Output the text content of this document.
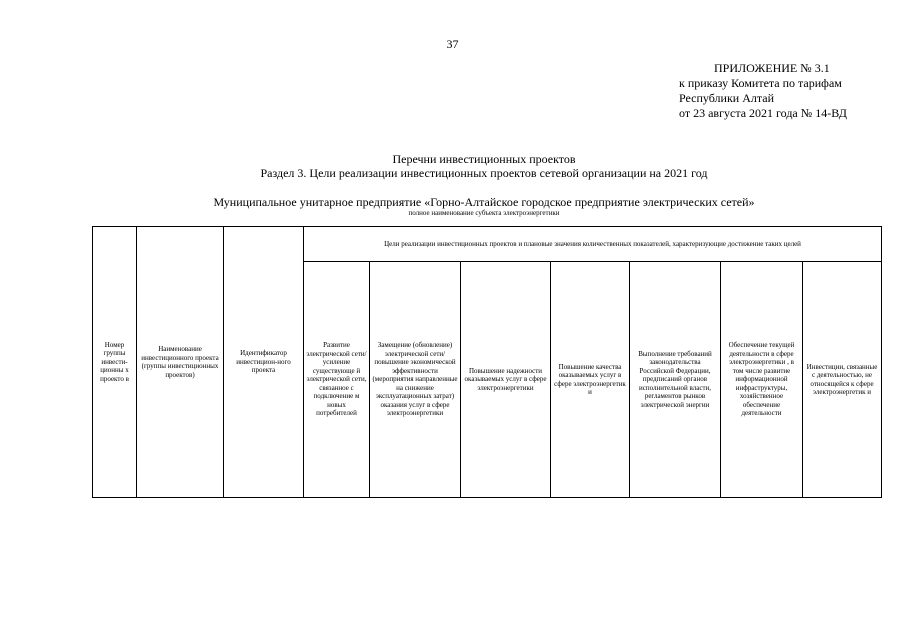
37
ПРИЛОЖЕНИЕ № 3.1
к приказу Комитета по тарифам
Республики Алтай
от 23 августа 2021 года № 14-ВД
Перечни инвестиционных проектов
Раздел 3. Цели реализации инвестиционных проектов сетевой организации на 2021 год
Муниципальное унитарное предприятие «Горно-Алтайское городское предприятие электрических сетей»
полное наименование субъекта электроэнергетики
Номер группы инвести-ционны х проекто в	Наименование инвестиционного проекта (группы инвестиционных проектов)	Идентификатор инвестицион-ного проекта	Цели реализации инвестиционных проектов и плановые значения количественных показателей, характеризующие достижение таких целей						
			Развитие электрической сети/усиление существующе й электрической сети, связанное с подключение м новых потребителей	Замещение (обновление) электрической сети/повышение экономической эффективности (мероприятия направленные на снижение эксплуатационных затрат) оказания услуг в сфере электроэнергетики	Повышение надежности оказываемых услуг в сфере электроэнергетики	Повышение качества оказываемых услуг в сфере электроэнергетик и	Выполнение требований законодательства Российской Федерации, предписаний органов исполнительной власти, регламентов рынков электрической энергии	Обеспечение текущей деятельности в сфере электроэнергетики , в том числе развитие информационной инфраструктуры, хозяйственное обеспечение деятельности	Инвестиции, связанные с деятельностью, не относящейся к сфере электроэнергетик и
